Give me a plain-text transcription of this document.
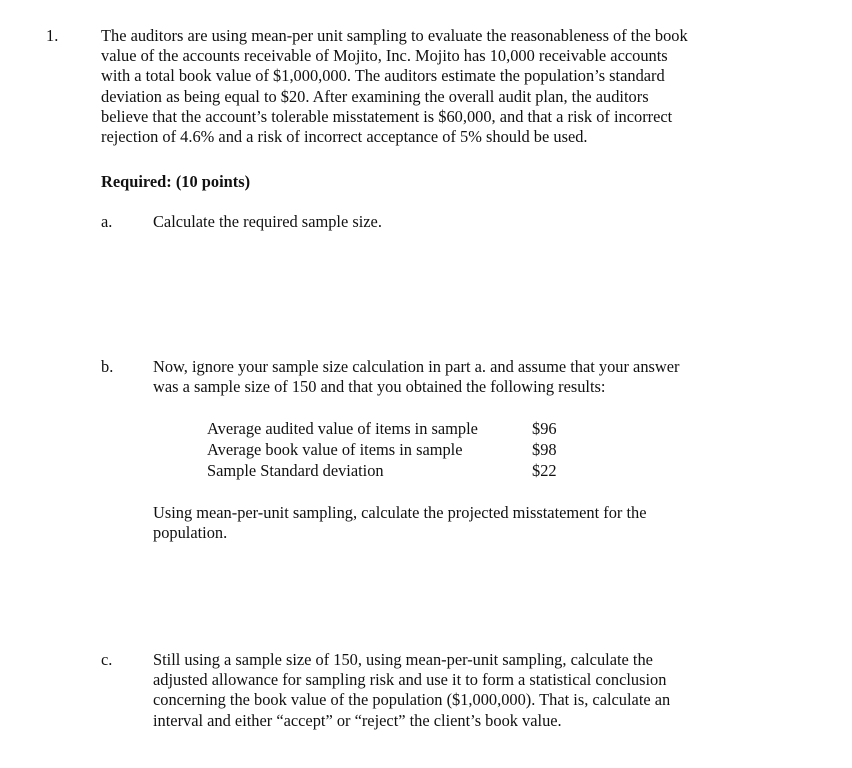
1.	The auditors are using mean-per unit sampling to evaluate the reasonableness of the book
value of the accounts receivable of Mojito, Inc. Mojito has 10,000 receivable accounts
with a total book value of $1,000,000. The auditors estimate the population’s standard
deviation as being equal to $20. After examining the overall audit plan, the auditors
believe that the account’s tolerable misstatement is $60,000, and that a risk of incorrect
rejection of 4.6% and a risk of incorrect acceptance of 5% should be used.
Required: (10 points)
a. Calculate the required sample size.
b. Now, ignore your sample size calculation in part a. and assume that your answer
was a sample size of 150 and that you obtained the following results:
Average audited value of items in sample	$96
Average book value of items in sample	$98
Sample Standard deviation	$22
Using mean-per-unit sampling, calculate the projected misstatement for the
population.
c. Still using a sample size of 150, using mean-per-unit sampling, calculate the
adjusted allowance for sampling risk and use it to form a statistical conclusion
concerning the book value of the population ($1,000,000). That is, calculate an
interval and either “accept” or “reject” the client’s book value.
